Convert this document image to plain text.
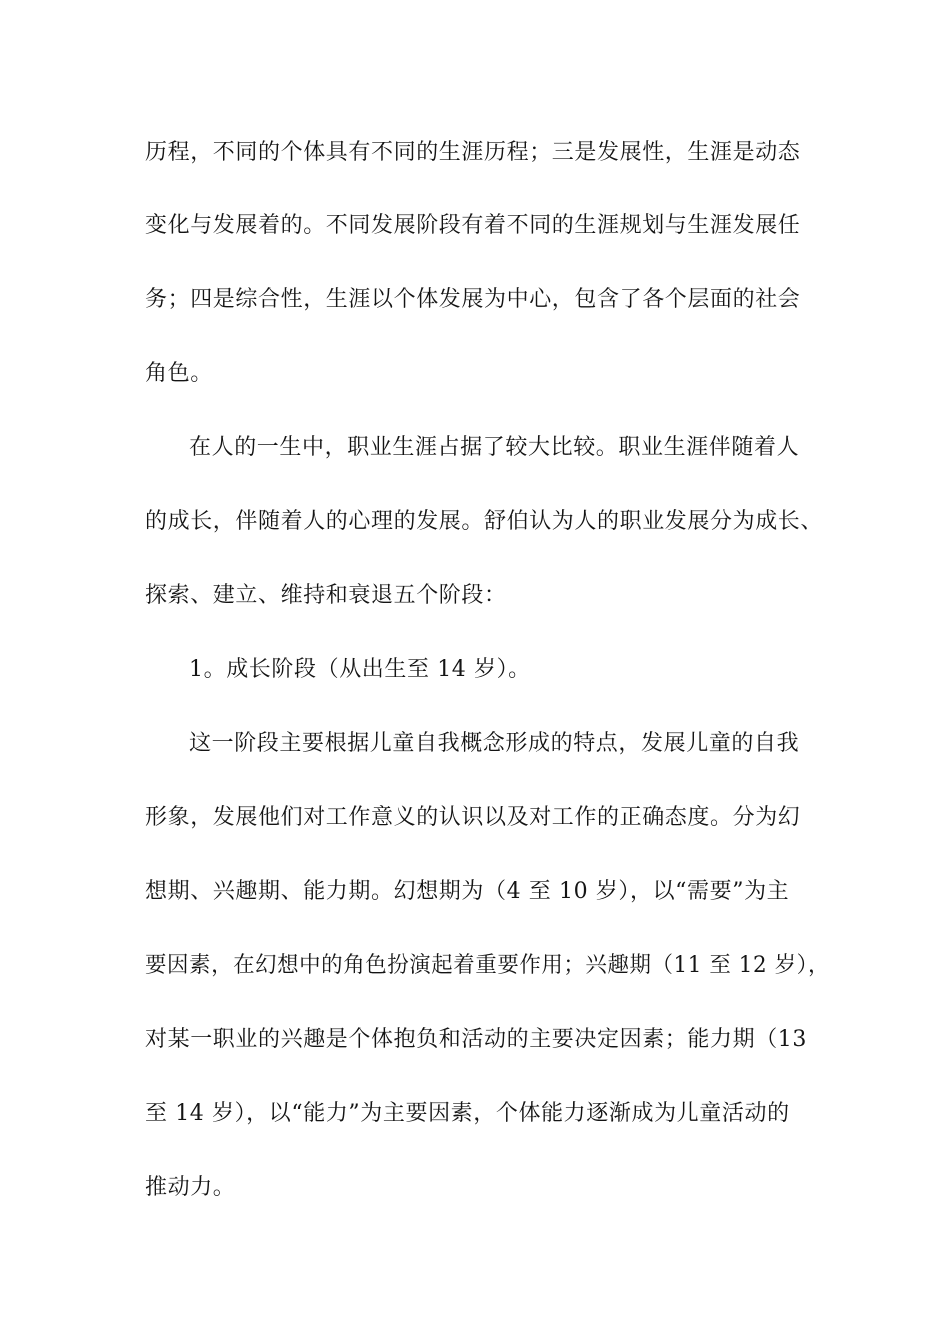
历程，不同的个体具有不同的生涯历程；三是发展性，生涯是动态
变化与发展着的。不同发展阶段有着不同的生涯规划与生涯发展任
务；四是综合性，生涯以个体发展为中心，包含了各个层面的社会
角色。
在人的一生中，职业生涯占据了较大比较。职业生涯伴随着人
的成长，伴随着人的心理的发展。舒伯认为人的职业发展分为成长、
探索、建立、维持和衰退五个阶段：
1。成长阶段（从出生至 14 岁）。
这一阶段主要根据儿童自我概念形成的特点，发展儿童的自我
形象，发展他们对工作意义的认识以及对工作的正确态度。分为幻
想期、兴趣期、能力期。幻想期为（4 至 10 岁），以“需要”为主
要因素，在幻想中的角色扮演起着重要作用；兴趣期（11 至 12 岁），
对某一职业的兴趣是个体抱负和活动的主要决定因素；能力期（13
至 14 岁），以“能力”为主要因素，个体能力逐渐成为儿童活动的
推动力。
